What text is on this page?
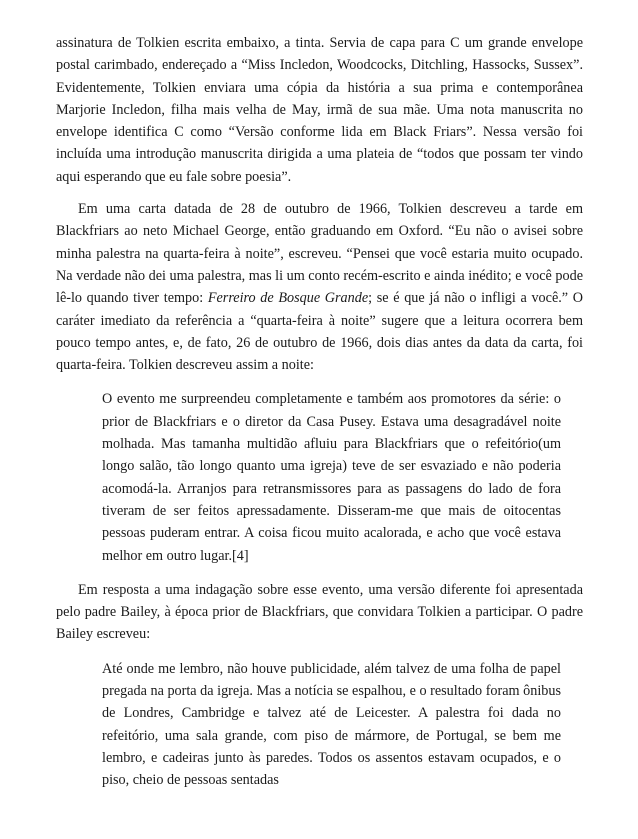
assinatura de Tolkien escrita embaixo, a tinta. Servia de capa para C um grande envelope postal carimbado, endereçado a “Miss Incledon, Woodcocks, Ditchling, Hassocks, Sussex”. Evidentemente, Tolkien enviara uma cópia da história a sua prima e contemporânea Marjorie Incledon, filha mais velha de May, irmã de sua mãe. Uma nota manuscrita no envelope identifica C como “Versão conforme lida em Black Friars”. Nessa versão foi incluída uma introdução manuscrita dirigida a uma plateia de “todos que possam ter vindo aqui esperando que eu fale sobre poesia”.

Em uma carta datada de 28 de outubro de 1966, Tolkien descreveu a tarde em Blackfriars ao neto Michael George, então graduando em Oxford. “Eu não o avisei sobre minha palestra na quarta-feira à noite”, escreveu. “Pensei que você estaria muito ocupado. Na verdade não dei uma palestra, mas li um conto recém-escrito e ainda inédito; e você pode lê-lo quando tiver tempo: Ferreiro de Bosque Grande; se é que já não o infligi a você.” O caráter imediato da referência a “quarta-feira à noite” sugere que a leitura ocorrera bem pouco tempo antes, e, de fato, 26 de outubro de 1966, dois dias antes da data da carta, foi quarta-feira. Tolkien descreveu assim a noite:

O evento me surpreendeu completamente e também aos promotores da série: o prior de Blackfriars e o diretor da Casa Pusey. Estava uma desagradável noite molhada. Mas tamanha multidão afluiu para Blackfriars que o refeitório(um longo salão, tão longo quanto uma igreja) teve de ser esvaziado e não poderia acomodá-la. Arranjos para retransmissores para as passagens do lado de fora tiveram de ser feitos apressadamente. Disseram-me que mais de oitocentas pessoas puderam entrar. A coisa ficou muito acalorada, e acho que você estava melhor em outro lugar.[4]

Em resposta a uma indagação sobre esse evento, uma versão diferente foi apresentada pelo padre Bailey, à época prior de Blackfriars, que convidara Tolkien a participar. O padre Bailey escreveu:

Até onde me lembro, não houve publicidade, além talvez de uma folha de papel pregada na porta da igreja. Mas a notícia se espalhou, e o resultado foram ônibus de Londres, Cambridge e talvez até de Leicester. A palestra foi dada no refeitório, uma sala grande, com piso de mármore, de Portugal, se bem me lembro, e cadeiras junto às paredes. Todos os assentos estavam ocupados, e o piso, cheio de pessoas sentadas
